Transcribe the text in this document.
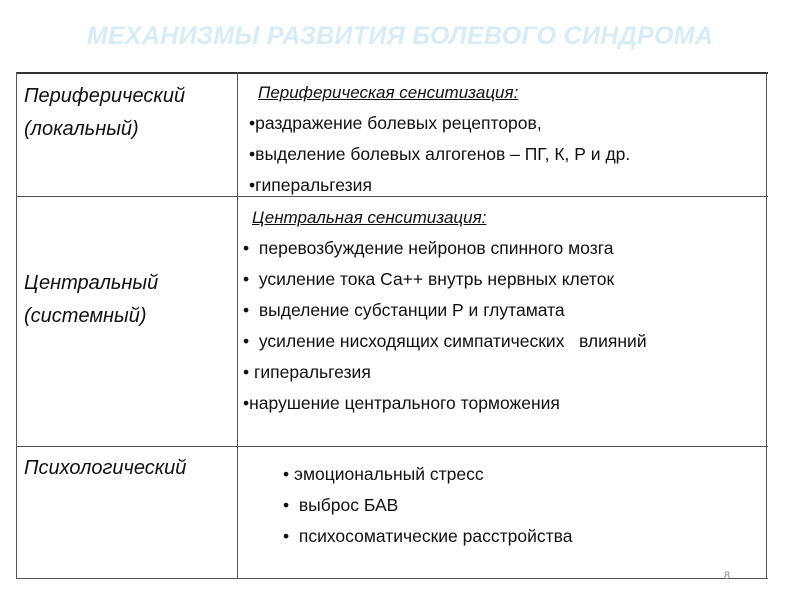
МЕХАНИЗМЫ РАЗВИТИЯ БОЛЕВОГО СИНДРОМА
Периферический
(локальный)
Периферическая сенситизация:
•раздражение болевых рецепторов,
•выделение болевых алгогенов – ПГ, К, Р и др.
•гиперальгезия
Центральный
(системный)
Центральная сенситизация:
• перевозбуждение нейронов спинного мозга
• усиление тока Са++ внутрь нервных клеток
• выделение субстанции Р и глутамата
• усиление нисходящих симпатических   влияний
• гиперальгезия
•нарушение центрального торможения
Психологический	• эмоциональный стресс
• выброс БАВ
• психосоматические расстройства
8
